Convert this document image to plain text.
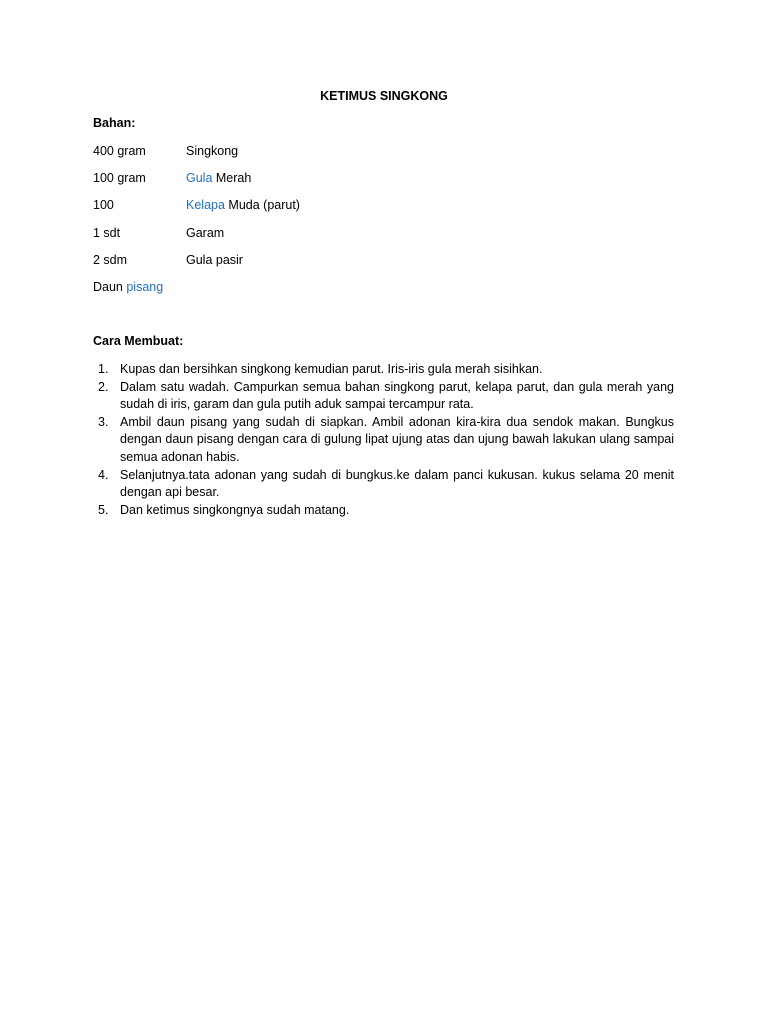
KETIMUS SINGKONG
Bahan:
400 gram	Singkong
100 gram	Gula Merah
100	Kelapa Muda (parut)
1 sdt	Garam
2 sdm	Gula pasir
Daun pisang
Cara Membuat:
1. Kupas dan bersihkan singkong kemudian parut. Iris-iris gula merah sisihkan.
2. Dalam satu wadah. Campurkan semua bahan singkong parut, kelapa parut, dan gula merah yang sudah di iris, garam dan gula putih aduk sampai tercampur rata.
3. Ambil daun pisang yang sudah di siapkan. Ambil adonan kira-kira dua sendok makan. Bungkus dengan daun pisang dengan cara di gulung lipat ujung atas dan ujung bawah lakukan ulang sampai semua adonan habis.
4. Selanjutnya.tata adonan yang sudah di bungkus.ke dalam panci kukusan. kukus selama 20 menit dengan api besar.
5. Dan ketimus singkongnya sudah matang.
